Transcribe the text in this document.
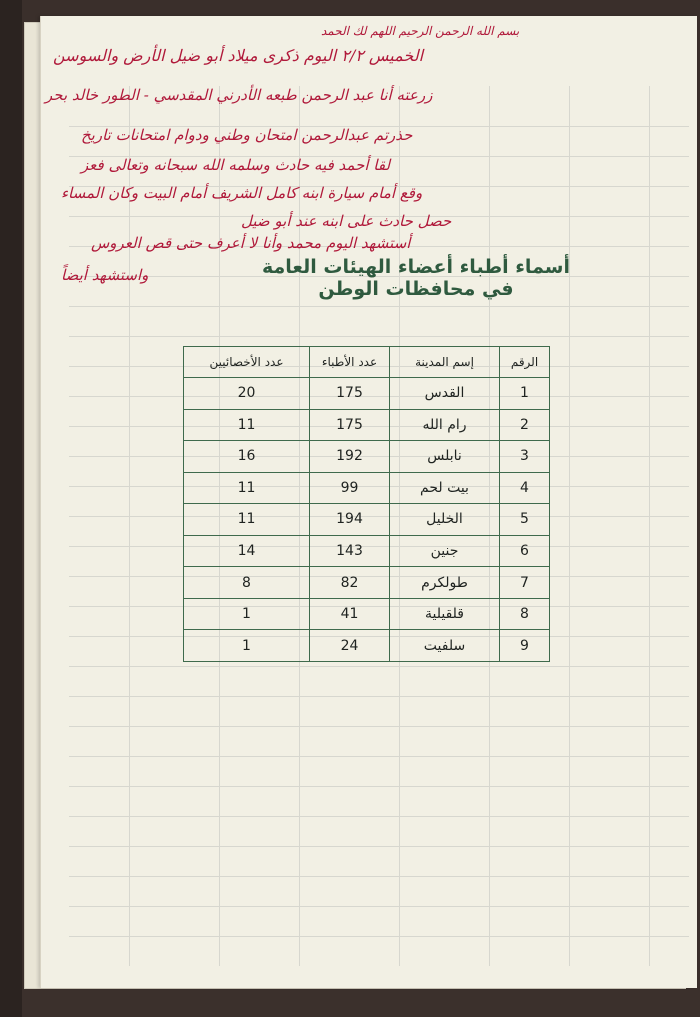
بسم الله الرحمن الرحيم اللهم لك الحمد
الخميس ٢/٢ اليوم ذكرى ميلاد أبو ضيل الأرض والسوسن
زرعته أنا عبد الرحمن طبعه الأدرني المقدسي - الطور خالد بحر
حذرتم عبدالرحمن امتحان وطني ودوام امتحانات تاريخ
لقا أحمد فيه حادث وسلمه الله سبحانه وتعالى فعز
وقع أمام سيارة ابنه كامل الشريف أمام البيت وكان المساء
حصل حادث على ابنه عند أبو ضيل
أستشهد اليوم محمد وأنا لا أعرف حتى قص العروس
واستشهد أيضاً	أسماء أطباء أعضاء الهيئات العامة
في محافظات الوطن
الرقم	إسم المدينة	عدد الأطباء	عدد الأخصائيين
1	القدس	175	20
2	رام الله	175	11
3	نابلس	192	16
4	بيت لحم	99	11
5	الخليل	194	11
6	جنين	143	14
7	طولكرم	82	8
8	قلقيلية	41	1
9	سلفيت	24	1
